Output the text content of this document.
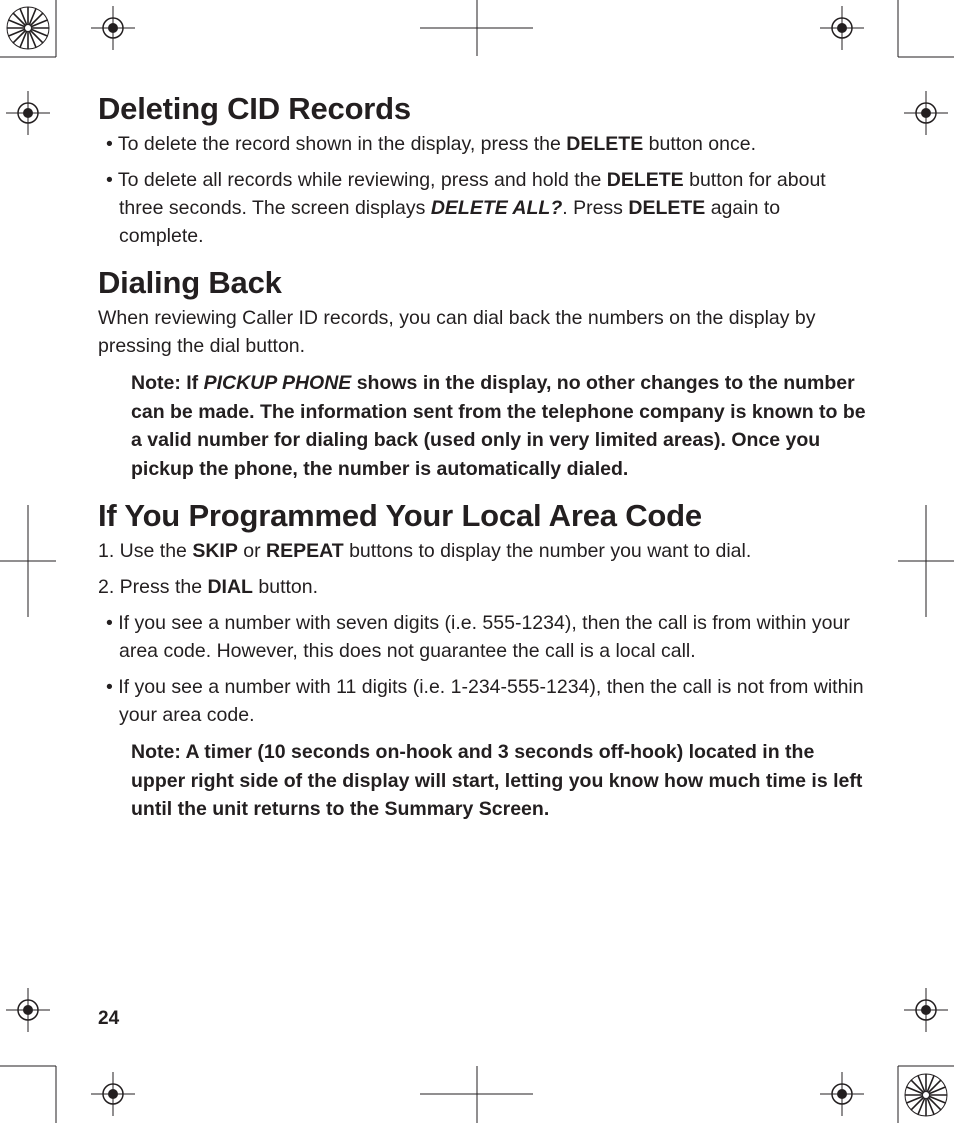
Deleting CID Records

• To delete the record shown in the display, press the DELETE button once.

• To delete all records while reviewing, press and hold the DELETE button for about three seconds. The screen displays DELETE ALL?. Press DELETE again to complete.

Dialing Back

When reviewing Caller ID records, you can dial back the numbers on the display by pressing the dial button.

Note: If PICKUP PHONE shows in the display, no other changes to the number can be made. The information sent from the telephone company is known to be a valid number for dialing back (used only in very limited areas). Once you pickup the phone, the number is automatically dialed.

If You Programmed Your Local Area Code

1. Use the SKIP or REPEAT buttons to display the number you want to dial.

2. Press the DIAL button.

• If you see a number with seven digits (i.e. 555-1234), then the call is from within your area code. However, this does not guarantee the call is a local call.

• If you see a number with 11 digits (i.e. 1-234-555-1234), then the call is not from within your area code.

Note: A timer (10 seconds on-hook and 3 seconds off-hook) located in the upper right side of the display will start, letting you know how much time is left until the unit returns to the Summary Screen.

24
